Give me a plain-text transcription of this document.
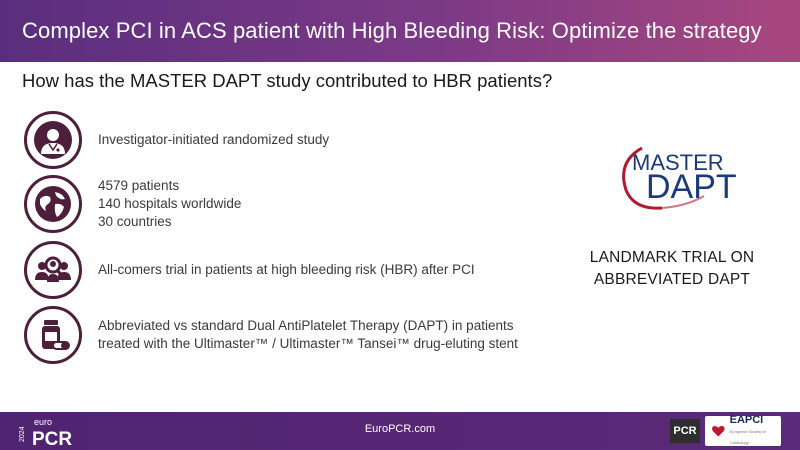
Complex PCI in ACS patient with High Bleeding Risk: Optimize the strategy
How has the MASTER DAPT study contributed to HBR patients?
Investigator-initiated randomized study
4579 patients
140 hospitals worldwide
30 countries
All-comers trial in patients at high bleeding risk (HBR) after PCI
Abbreviated vs standard Dual AntiPlatelet Therapy (DAPT) in patients
treated with the Ultimaster™ / Ultimaster™ Tansei™ drug-eluting stent
MASTER
DAPT
LANDMARK TRIAL ON
ABBREVIATED DAPT
2024
euro
PCR	EuroPCR.com	PCR
EAPCI
European Society of Cardiology
